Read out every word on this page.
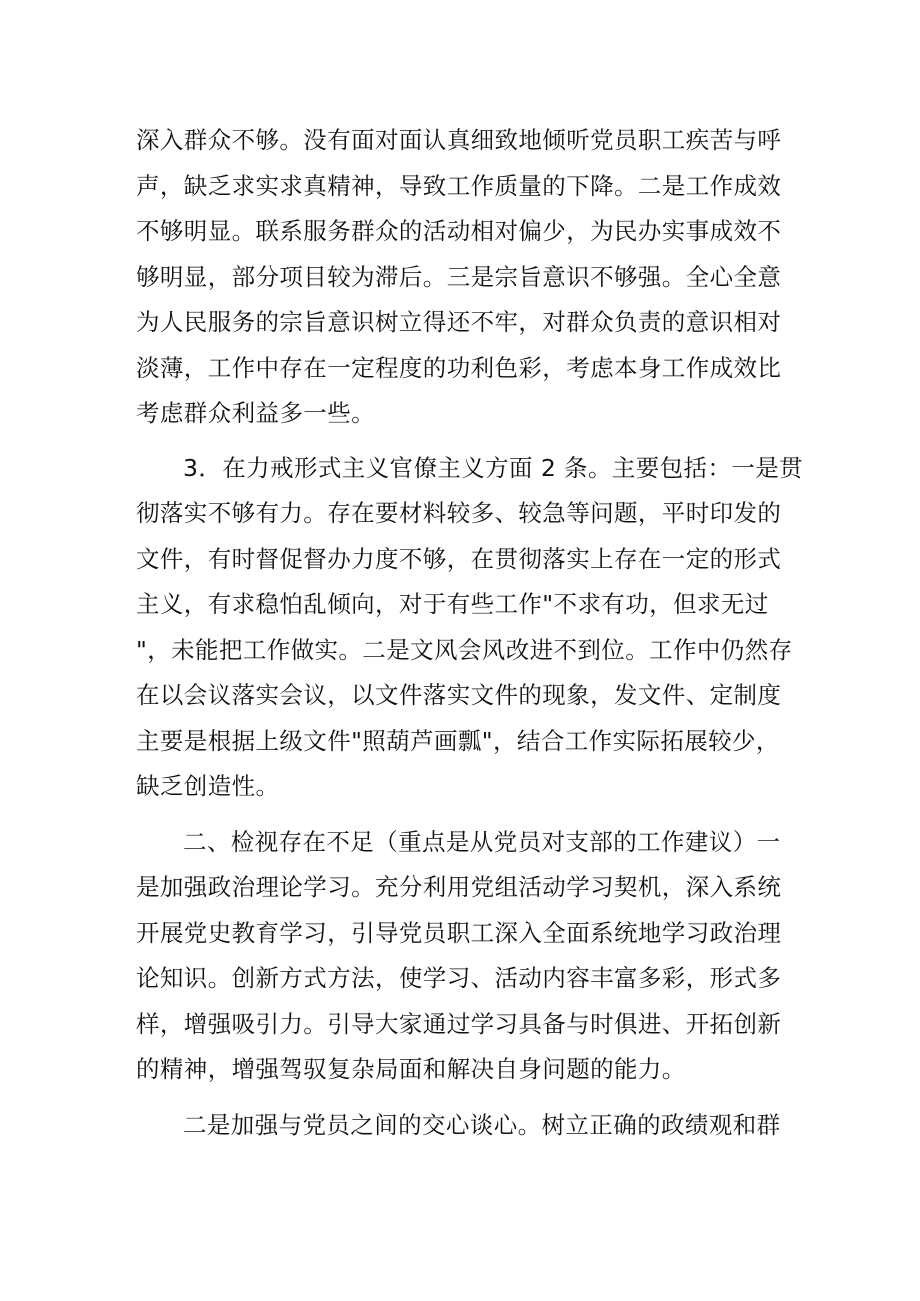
深入群众不够。没有面对面认真细致地倾听党员职工疾苦与呼
声，缺乏求实求真精神，导致工作质量的下降。二是工作成效
不够明显。联系服务群众的活动相对偏少，为民办实事成效不
够明显，部分项目较为滞后。三是宗旨意识不够强。全心全意
为人民服务的宗旨意识树立得还不牢，对群众负责的意识相对
淡薄，工作中存在一定程度的功利色彩，考虑本身工作成效比
考虑群众利益多一些。

3．在力戒形式主义官僚主义方面 2 条。主要包括：一是贯
彻落实不够有力。存在要材料较多、较急等问题，平时印发的
文件，有时督促督办力度不够，在贯彻落实上存在一定的形式
主义，有求稳怕乱倾向，对于有些工作"不求有功，但求无过
"，未能把工作做实。二是文风会风改进不到位。工作中仍然存
在以会议落实会议，以文件落实文件的现象，发文件、定制度
主要是根据上级文件"照葫芦画瓢"，结合工作实际拓展较少，
缺乏创造性。

二、检视存在不足（重点是从党员对支部的工作建议）一
是加强政治理论学习。充分利用党组活动学习契机，深入系统
开展党史教育学习，引导党员职工深入全面系统地学习政治理
论知识。创新方式方法，使学习、活动内容丰富多彩，形式多
样，增强吸引力。引导大家通过学习具备与时俱进、开拓创新
的精神，增强驾驭复杂局面和解决自身问题的能力。

二是加强与党员之间的交心谈心。树立正确的政绩观和群
